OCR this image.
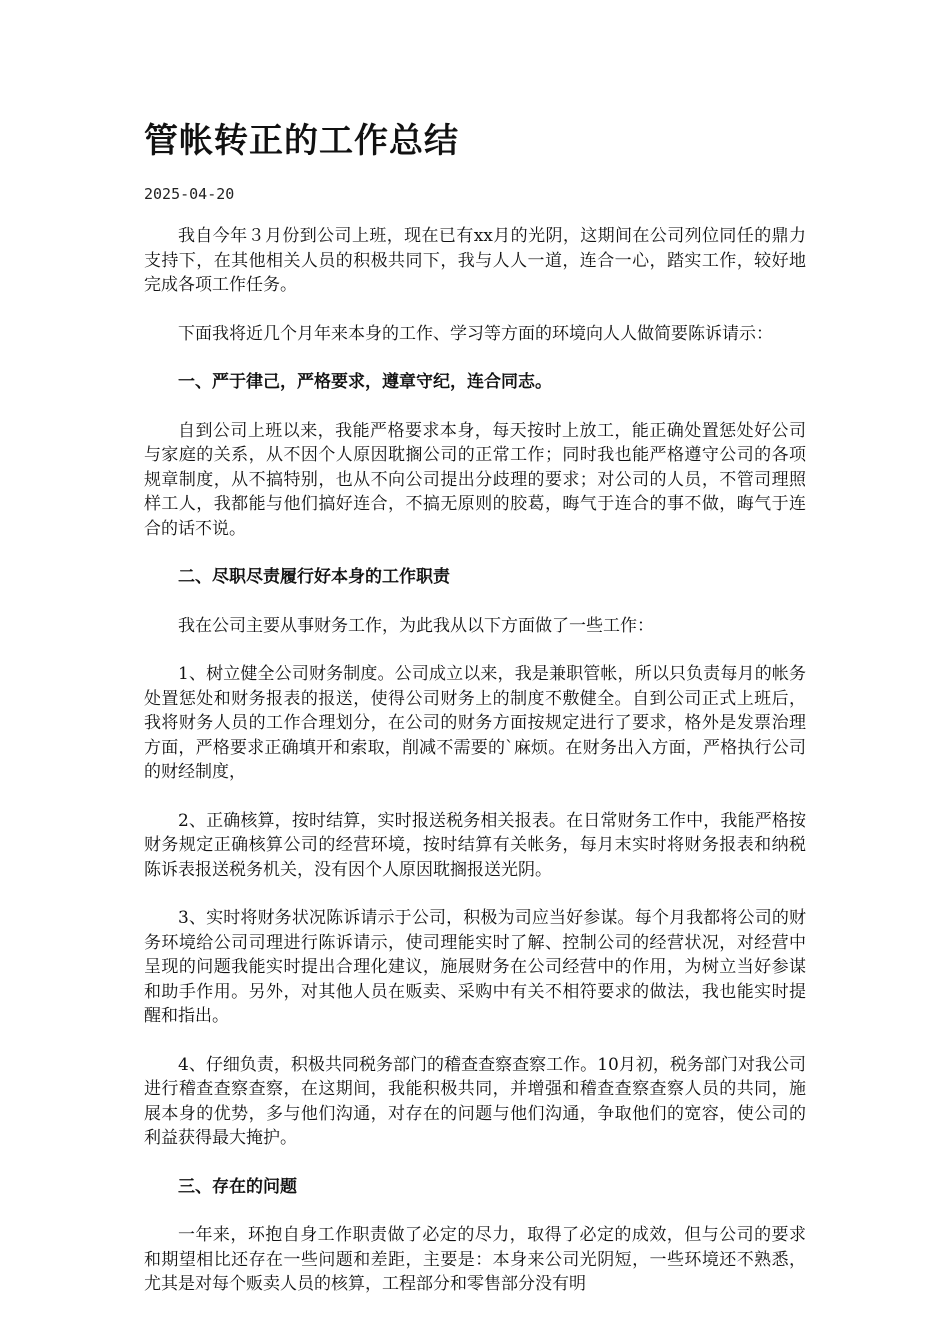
管帐转正的工作总结
2025-04-20

我自今年３月份到公司上班，现在已有xx月的光阴，这期间在公司列位同任的鼎力支持下，在其他相关人员的积极共同下，我与人人一道，连合一心，踏实工作，较好地完成各项工作任务。

下面我将近几个月年来本身的工作、学习等方面的环境向人人做简要陈诉请示：

一、严于律己，严格要求，遵章守纪，连合同志。

自到公司上班以来，我能严格要求本身，每天按时上放工，能正确处置惩处好公司与家庭的关系，从不因个人原因耽搁公司的正常工作；同时我也能严格遵守公司的各项规章制度，从不搞特别，也从不向公司提出分歧理的要求；对公司的人员，不管司理照样工人，我都能与他们搞好连合，不搞无原则的胶葛，晦气于连合的事不做，晦气于连合的话不说。

二、尽职尽责履行好本身的工作职责

我在公司主要从事财务工作，为此我从以下方面做了一些工作：

1、树立健全公司财务制度。公司成立以来，我是兼职管帐，所以只负责每月的帐务处置惩处和财务报表的报送，使得公司财务上的制度不敷健全。自到公司正式上班后，我将财务人员的工作合理划分，在公司的财务方面按规定进行了要求，格外是发票治理方面，严格要求正确填开和索取，削减不需要的`麻烦。在财务出入方面，严格执行公司的财经制度，

2、正确核算，按时结算，实时报送税务相关报表。在日常财务工作中，我能严格按财务规定正确核算公司的经营环境，按时结算有关帐务，每月末实时将财务报表和纳税陈诉表报送税务机关，没有因个人原因耽搁报送光阴。

3、实时将财务状况陈诉请示于公司，积极为司应当好参谋。每个月我都将公司的财务环境给公司司理进行陈诉请示，使司理能实时了解、控制公司的经营状况，对经营中呈现的问题我能实时提出合理化建议，施展财务在公司经营中的作用，为树立当好参谋和助手作用。另外，对其他人员在贩卖、采购中有关不相符要求的做法，我也能实时提醒和指出。

4、仔细负责，积极共同税务部门的稽查查察查察工作。10月初，税务部门对我公司进行稽查查察查察，在这期间，我能积极共同，并增强和稽查查察查察人员的共同，施展本身的优势，多与他们沟通，对存在的问题与他们沟通，争取他们的宽容，使公司的利益获得最大掩护。

三、存在的问题

一年来，环抱自身工作职责做了必定的尽力，取得了必定的成效，但与公司的要求和期望相比还存在一些问题和差距，主要是：本身来公司光阴短，一些环境还不熟悉，尤其是对每个贩卖人员的核算，工程部分和零售部分没有明
